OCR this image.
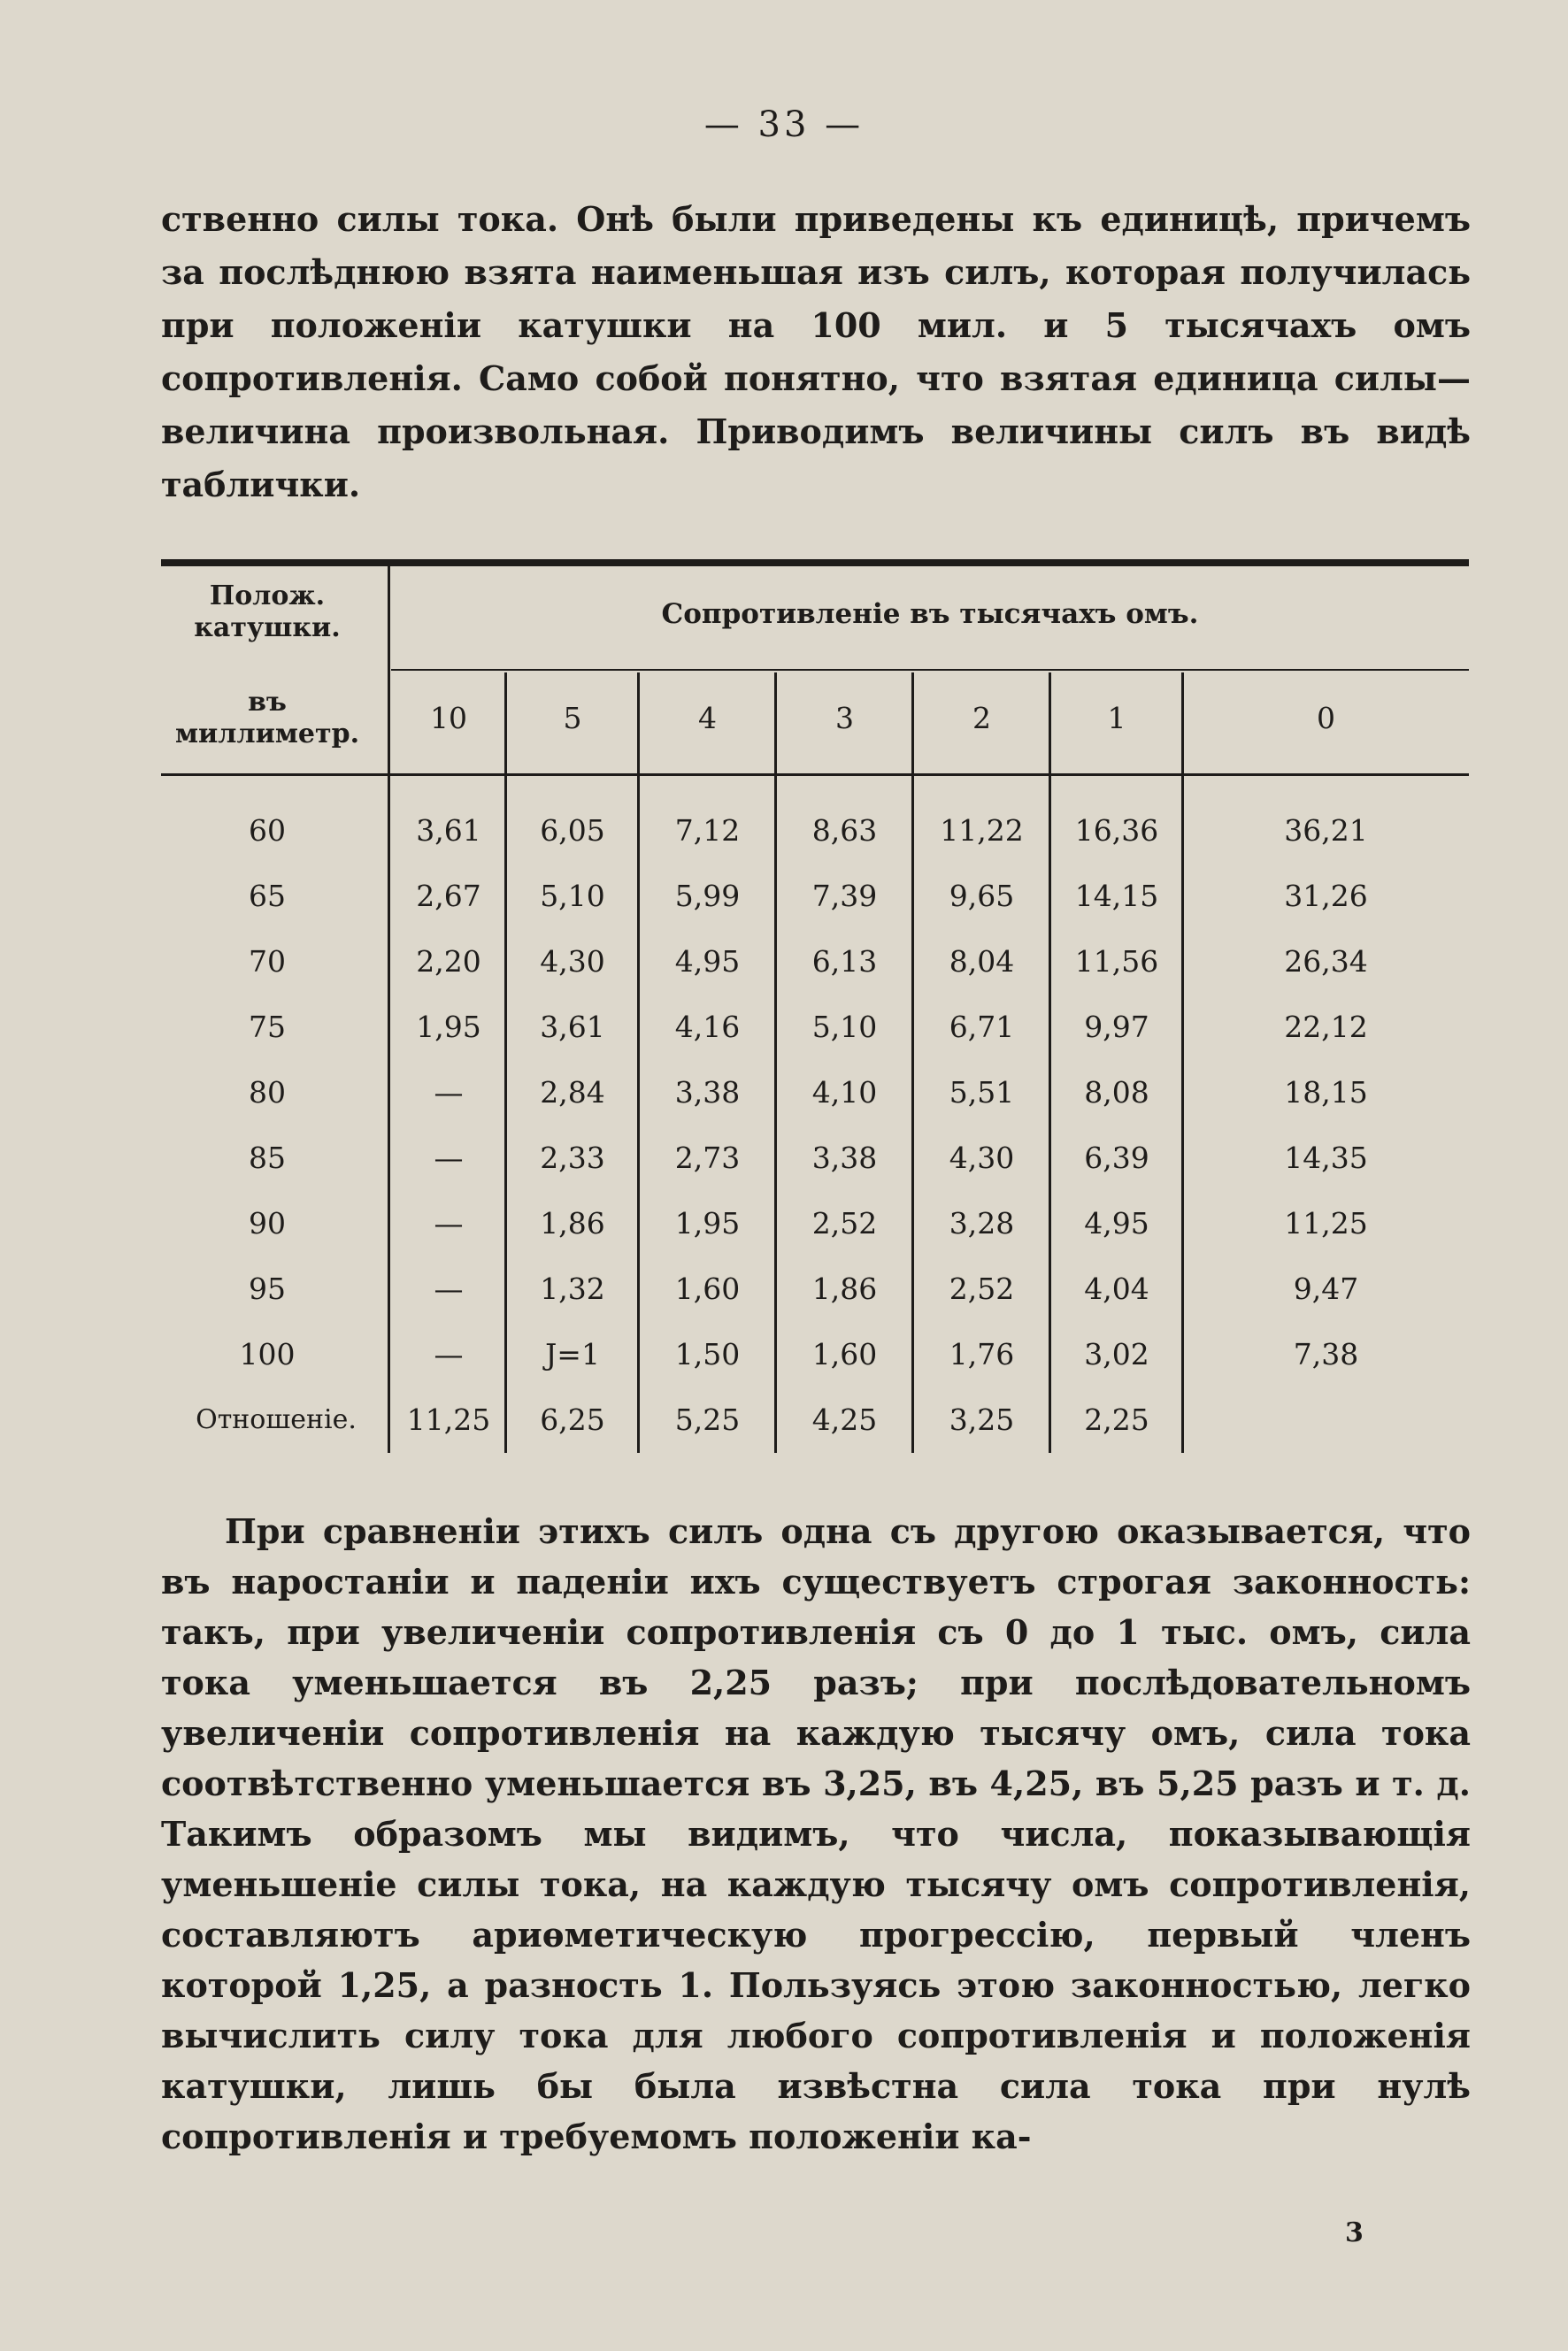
— 33 —
ственно силы тока. Онѣ были приведены къ единицѣ, причемъ за послѣднюю взята наименьшая изъ силъ, которая получилась при положеніи катушки на 100 мил. и 5 тысячахъ омъ сопротивленія. Само собой понятно, что взятая единица силы—величина произвольная. Приводимъ величины силъ въ видѣ таблички.
Полож. катушки.
въ миллиметр.
Сопротивленіе въ тысячахъ омъ.
10	5	4	3	2	1	0
60	3,61	6,05	7,12	8,63	11,22	16,36	36,21
65	2,67	5,10	5,99	7,39	9,65	14,15	31,26
70	2,20	4,30	4,95	6,13	8,04	11,56	26,34
75	1,95	3,61	4,16	5,10	6,71	9,97	22,12
80	—	2,84	3,38	4,10	5,51	8,08	18,15
85	—	2,33	2,73	3,38	4,30	6,39	14,35
90	—	1,86	1,95	2,52	3,28	4,95	11,25
95	—	1,32	1,60	1,86	2,52	4,04	9,47
100	—	J=1	1,50	1,60	1,76	3,02	7,38
Отношеніе.	11,25	6,25	5,25	4,25	3,25	2,25
При сравненіи этихъ силъ одна съ другою оказывается, что въ наростаніи и паденіи ихъ существуетъ строгая законность: такъ, при увеличеніи сопротивленія съ 0 до 1 тыс. омъ, сила тока уменьшается въ 2,25 разъ; при послѣдовательномъ увеличеніи сопротивленія на каждую тысячу омъ, сила тока соотвѣтственно уменьшается въ 3,25, въ 4,25, въ 5,25 разъ и т. д. Такимъ образомъ мы видимъ, что числа, показывающія уменьшеніе силы тока, на каждую тысячу омъ сопротивленія, составляютъ ариѳметическую прогрессію, первый членъ которой 1,25, а разность 1. Пользуясь этою законностью, легко вычислить силу тока для любого сопротивленія и положенія катушки, лишь бы была извѣстна сила тока при нулѣ сопротивленія и требуемомъ положеніи ка-
3
